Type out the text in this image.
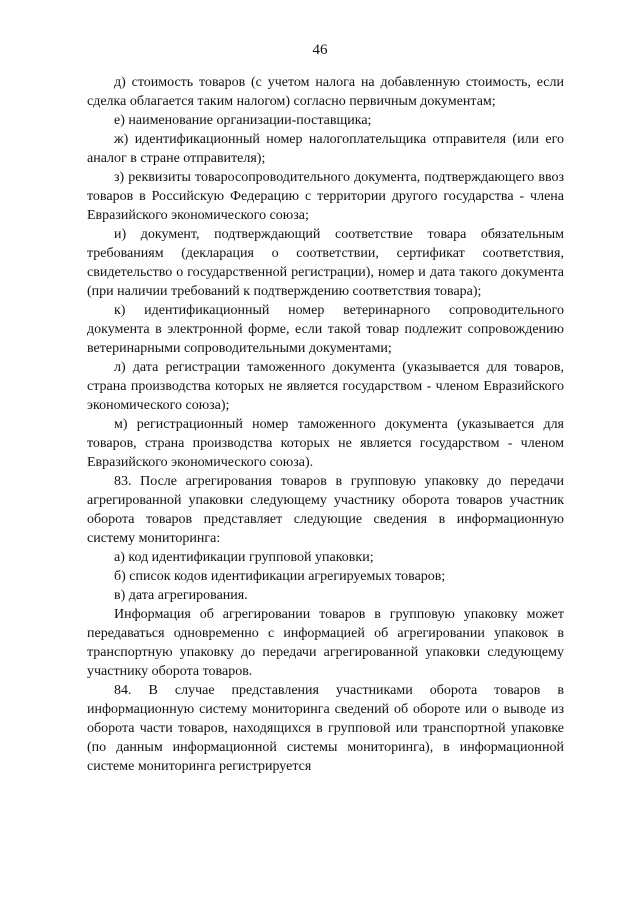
46

д) стоимость товаров (с учетом налога на добавленную стоимость, если сделка облагается таким налогом) согласно первичным документам;

е) наименование организации-поставщика;

ж) идентификационный номер налогоплательщика отправителя (или его аналог в стране отправителя);

з) реквизиты товаросопроводительного документа, подтверждающего ввоз товаров в Российскую Федерацию с территории другого государства - члена Евразийского экономического союза;

и) документ, подтверждающий соответствие товара обязательным требованиям (декларация о соответствии, сертификат соответствия, свидетельство о государственной регистрации), номер и дата такого документа (при наличии требований к подтверждению соответствия товара);

к) идентификационный номер ветеринарного сопроводительного документа в электронной форме, если такой товар подлежит сопровождению ветеринарными сопроводительными документами;

л) дата регистрации таможенного документа (указывается для товаров, страна производства которых не является государством - членом Евразийского экономического союза);

м) регистрационный номер таможенного документа (указывается для товаров, страна производства которых не является государством - членом Евразийского экономического союза).

83. После агрегирования товаров в групповую упаковку до передачи агрегированной упаковки следующему участнику оборота товаров участник оборота товаров представляет следующие сведения в информационную систему мониторинга:

а) код идентификации групповой упаковки;

б) список кодов идентификации агрегируемых товаров;

в) дата агрегирования.

Информация об агрегировании товаров в групповую упаковку может передаваться одновременно с информацией об агрегировании упаковок в транспортную упаковку до передачи агрегированной упаковки следующему участнику оборота товаров.

84. В случае представления участниками оборота товаров в информационную систему мониторинга сведений об обороте или о выводе из оборота части товаров, находящихся в групповой или транспортной упаковке (по данным информационной системы мониторинга), в информационной системе мониторинга регистрируется
